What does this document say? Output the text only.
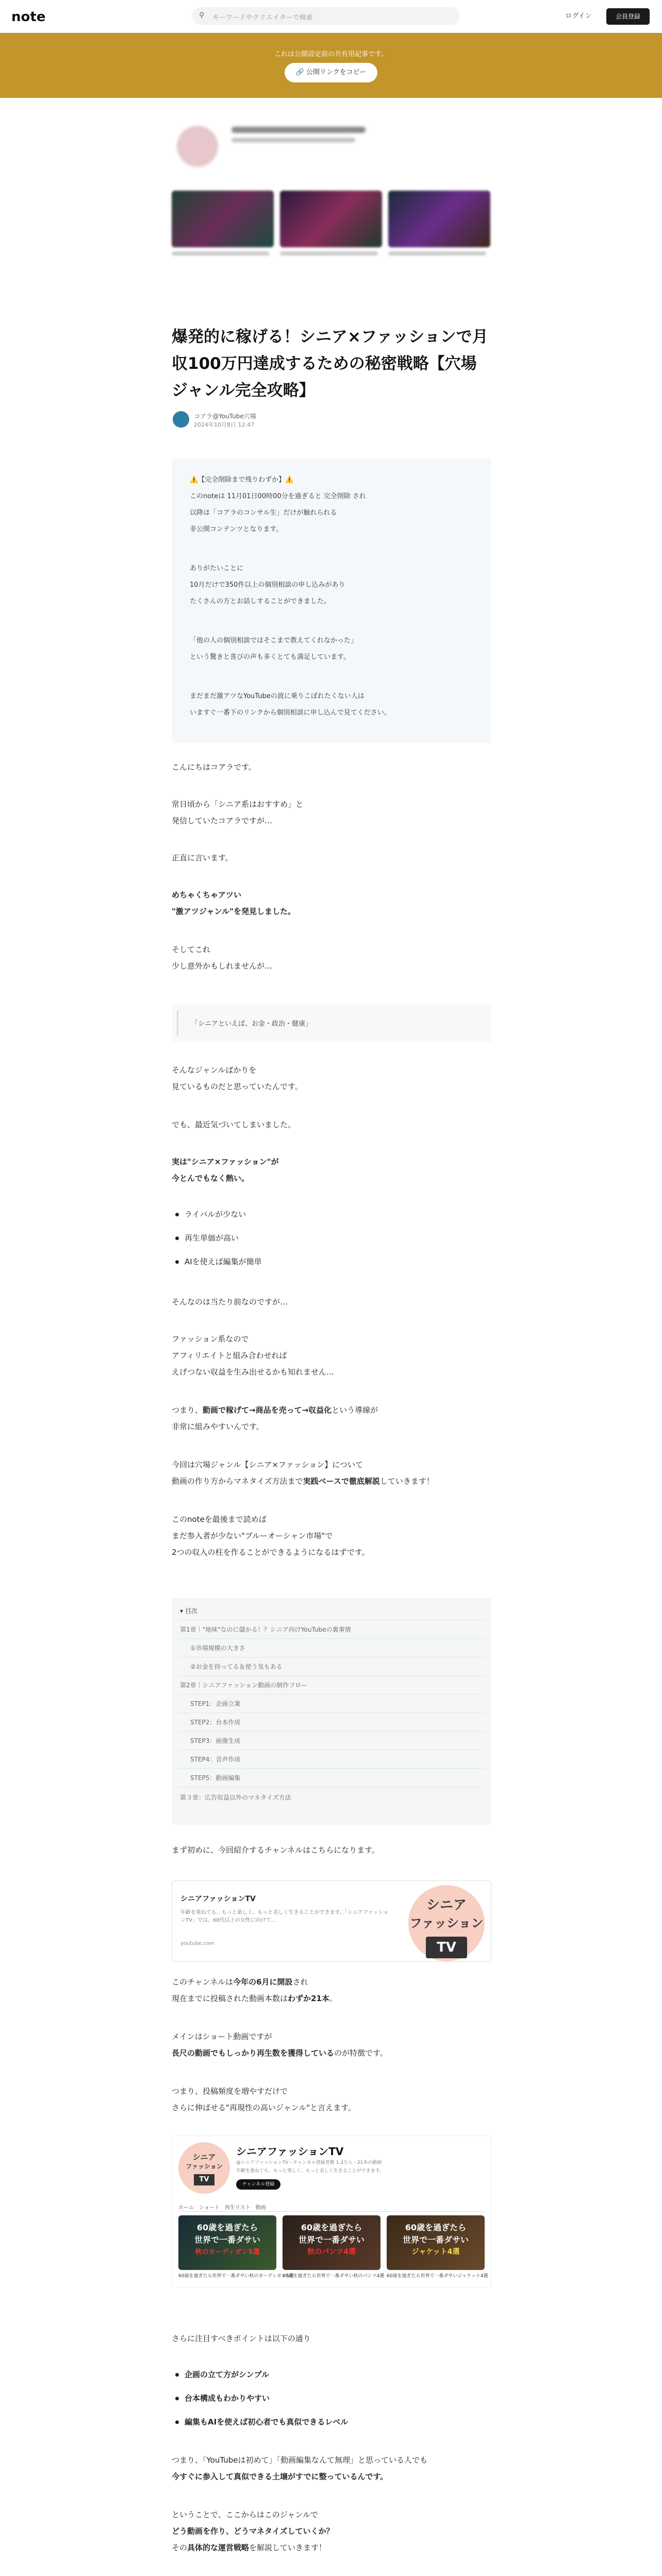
note	⚲	キーワードやクリエイターで検索	ログイン	会員登録
これは公開設定前の共有用記事です。
🔗 公開リンクをコピー
爆発的に稼げる！シニア×ファッションで月
収100万円達成するための秘密戦略【穴場
ジャンル完全攻略】
コアラ@YouTube穴場
2024年10月8日 12:47
⚠️【完全削除まで残りわずか】⚠️
このnoteは 11月01日00時00分を過ぎると 完全削除 され
以降は「コアラのコンサル生」だけが触れられる
非公開コンテンツとなります。
ありがたいことに
10月だけで350件以上の個別相談の申し込みがあり
たくさんの方とお話しすることができました。
「他の人の個別相談ではそこまで教えてくれなかった」
という驚きと喜びの声も多くとても満足しています。
まだまだ激アツなYouTubeの波に乗りこぼれたくない人は
いますぐ一番下のリンクから個別相談に申し込んで見てください。
こんにちはコアラです。
常日頃から「シニア系はおすすめ」と
発信していたコアラですが…
正直に言います。
めちゃくちゃアツい
"激アツジャンル"を発見しました。
そしてこれ
少し意外かもしれませんが…
「シニアといえば、お金・政治・健康」
そんなジャンルばかりを
見ているものだと思っていたんです。
でも、最近気づいてしまいました。
実は"シニア×ファッション"が
今とんでもなく熱い。
ライバルが少ない
再生単価が高い
AIを使えば編集が簡単
そんなのは当たり前なのですが…
ファッション系なので
アフィリエイトと組み合わせれば
えげつない収益を生み出せるかも知れません…
つまり、動画で稼げて→商品を売って→収益化という導線が
非常に組みやすいんです。
今回は穴場ジャンル【シニア×ファッション】について
動画の作り方からマネタイズ方法まで実践ベースで徹底解説していきます！
このnoteを最後まで読めば
まだ参入者が少ない"ブルーオーシャン市場"で
2つの収入の柱を作ることができるようになるはずです。
▾ 目次
第1章｜"地味"なのに儲かる！？シニア向けYouTubeの裏事情
①市場規模の大きさ
②お金を持ってる＆使う気もある
第2章｜シニアファッション動画の制作フロー
STEP1：企画立案
STEP2：台本作成
STEP3：画像生成
STEP4：音声作成
STEP5：動画編集
第３章：広告収益以外のマネタイズ方法
まず初めに、今回紹介するチャンネルはこちらになります。
シニアファッションTV
年齢を重ねても、もっと楽しく、もっと美しく生きることができます。「シニアファッションTV」では、60代以上の女性に向けて…
youtube.com
シニア
ファッション
TV
このチャンネルは今年の6月に開設され
現在までに投稿された動画本数はわずか21本。
メインはショート動画ですが
長尺の動画でもしっかり再生数を獲得しているのが特徴です。
つまり、投稿頻度を増やすだけで
さらに伸ばせる"再現性の高いジャンル"と言えます。
シニア
ファッション
TV
シニアファッションTV
@シニアファッションTV・チャンネル登録者数 1.2万人・21本の動画
年齢を重ねても、もっと楽しく、もっと美しく生きることができます。
チャンネル登録
ホーム　ショート　再生リスト　動画
60歳を過ぎたら
世界で一番ダサい
秋のカーディガン5選
60歳を過ぎたら
世界で一番ダサい
秋のパンツ4選
60歳を過ぎたら
世界で一番ダサい
ジャケット4選
60歳を過ぎたら世界で一番ダサい秋のカーディガン5選
60歳を過ぎたら世界で一番ダサい秋のパンツ4選 60歳を過ぎたら世界で一番ダサいジャケット4選
さらに注目すべきポイントは以下の通り
企画の立て方がシンプル
台本構成もわかりやすい
編集もAIを使えば初心者でも真似できるレベル
つまり、「YouTubeは初めて」「動画編集なんて無理」と思っている人でも
今すぐに参入して真似できる土壌がすでに整っているんです。
ということで、ここからはこのジャンルで
どう動画を作り、どうマネタイズしていくか？
その具体的な運営戦略を解説していきます！
